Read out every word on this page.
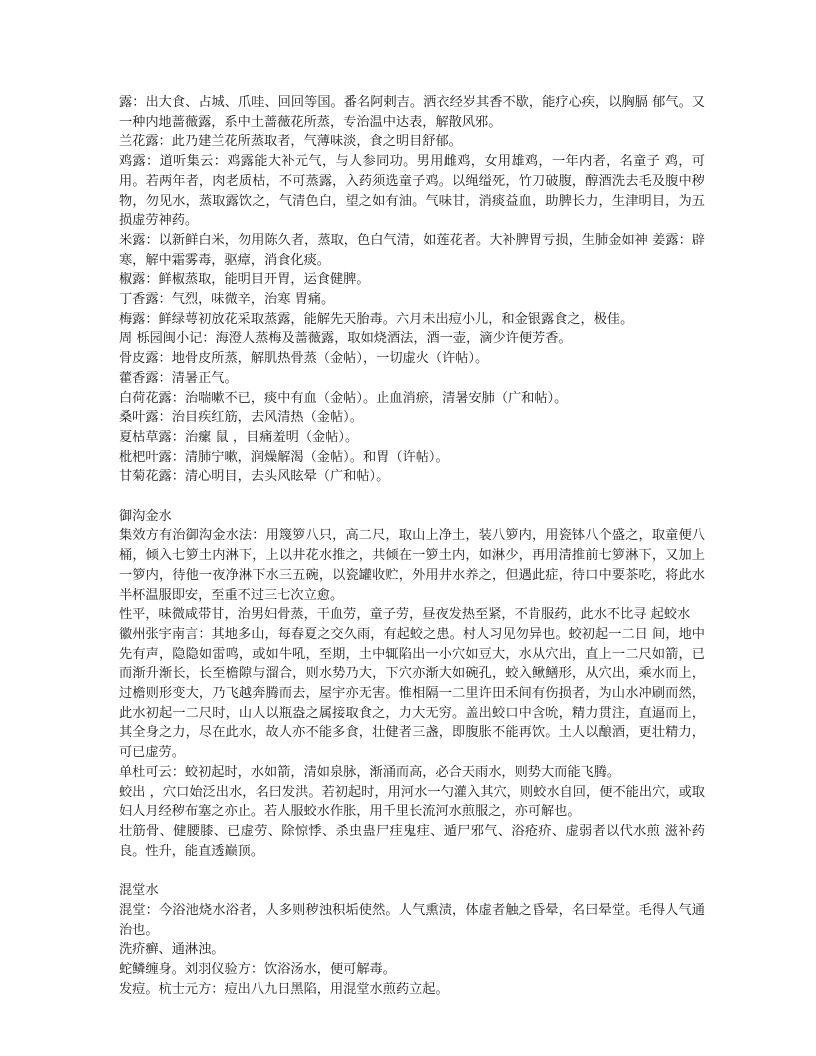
露：出大食、占城、爪哇、回回等国。番名阿剌吉。洒衣经岁其香不歇，能疗心疾，以胸膈 郁气。又一种内地蔷薇露，系中土蔷薇花所蒸，专治温中达表，解散风邪。

兰花露：此乃建兰花所蒸取者，气薄味淡，食之明目舒郁。

鸡露：道听集云：鸡露能大补元气，与人参同功。男用雌鸡，女用雄鸡，一年内者，名童子 鸡，可用。若两年者，肉老质枯，不可蒸露，入药须选童子鸡。以绳缢死，竹刀破腹，醇酒洗去毛及腹中秽物，勿见水，蒸取露饮之，气清色白，望之如有油。气味甘，消痰益血，助脾长力，生津明目，为五损虚劳神药。

米露：以新鲜白米，勿用陈久者，蒸取，色白气清，如莲花者。大补脾胃亏损，生肺金如神 姜露：辟寒，解中霜雾毒，驱瘴，消食化痰。

椒露：鲜椒蒸取，能明目开胃，运食健脾。

丁香露：气烈，味微辛，治寒 胃痛。

梅露：鲜绿萼初放花采取蒸露，能解先天胎毒。六月未出痘小儿，和金银露食之，极佳。

周 栎园闽小记：海澄人蒸梅及蔷薇露，取如烧酒法，酒一壶，滴少许便芳香。

骨皮露：地骨皮所蒸，解肌热骨蒸（金帖），一切虚火（许帖）。

藿香露：清暑正气。

白荷花露：治喘嗽不已，痰中有血（金帖）。止血消瘀，清暑安肺（广和帖）。

桑叶露：治目疾红筋，去风清热（金帖）。

夏枯草露：治瘰 鼠 ，目痛羞明（金帖）。

枇杷叶露：清肺宁嗽，润燥解渴（金帖）。和胃（许帖）。

甘菊花露：清心明目，去头风眩晕（广和帖）。

御沟金水

集效方有治御沟金水法：用篾箩八只，高二尺，取山上净土，装八箩内，用瓷钵八个盛之，取童便八桶，倾入七箩土内淋下，上以井花水推之，共倾在一箩土内，如淋少，再用清推前七箩淋下，又加上一箩内，待他一夜净淋下水三五碗，以瓷罐收贮，外用井水养之，但遇此症，待口中要茶吃，将此水半杯温服即安，至重不过三七次立愈。

性平，味微咸带甘，治男妇骨蒸，干血劳，童子劳，昼夜发热至紧，不肯服药，此水不比寻 起蛟水

徽州张宇南言：其地多山，每春夏之交久雨，有起蛟之患。村人习见勿异也。蛟初起一二日 间，地中先有声，隐隐如雷鸣，或如牛吼，至期，土中辄陷出一小穴如豆大，水从穴出，直上一二尺如箭，已而渐升渐长，长至檐隙与溜合，则水势乃大，下穴亦渐大如碗孔，蛟入鳅鳝形，从穴出，乘水而上，过檐则形变大，乃飞越奔腾而去，屋宇亦无害。惟相隔一二里许田禾间有伤损者，为山水冲刷而然，此水初起一二尺时，山人以瓶盎之属接取食之，力大无穷。盖出蛟口中含吮，精力贯注，直逼而上，其全身之力，尽在此水，故人亦不能多食，壮健者三盏，即腹胀不能再饮。土人以酿酒，更壮精力，可已虚劳。

单杜可云：蛟初起时，水如箭，清如泉脉，渐涌而高，必合天雨水，则势大而能飞腾。

蛟出 ，穴口始泛出水，名曰发洪。若初起时，用河水一勺灌入其穴，则蛟水自回，便不能出穴，或取妇人月经秽布塞之亦止。若人服蛟水作胀，用千里长流河水煎服之，亦可解也。

壮筋骨、健腰膝、已虚劳、除惊悸、杀虫蛊尸疰鬼疰、遁尸邪气、浴疮疥、虚弱者以代水煎 滋补药良。性升，能直透巅顶。

混堂水

混堂：今浴池烧水浴者，人多则秽浊积垢使然。人气熏渍，体虚者触之昏晕，名曰晕堂。毛得人气通治也。

洗疥癣、通淋浊。

蛇鳞缠身。刘羽仪验方：饮浴汤水，便可解毒。

发痘。杭士元方：痘出八九日黑陷，用混堂水煎药立起。
